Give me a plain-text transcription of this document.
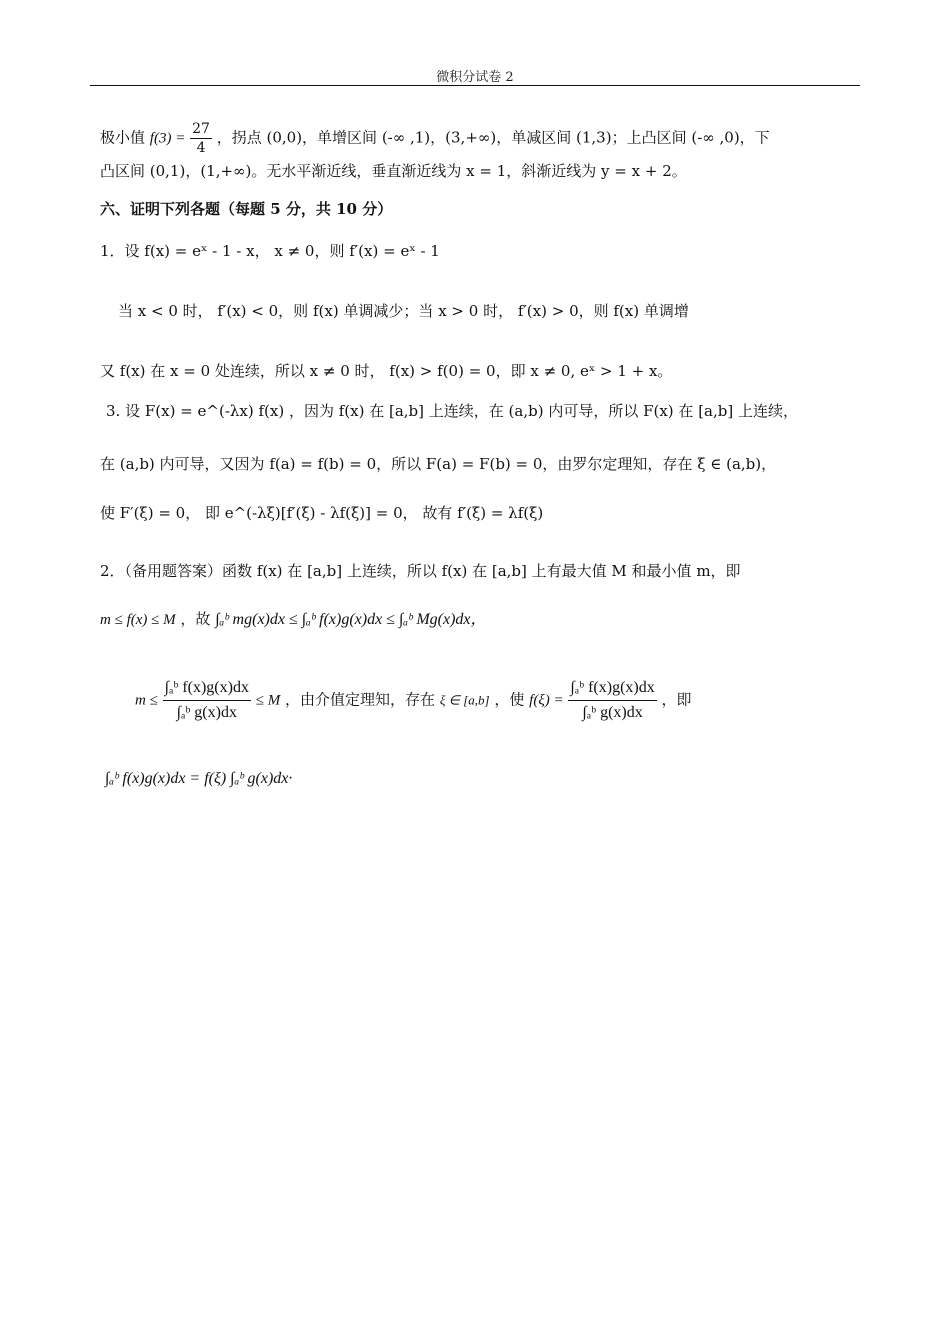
微积分试卷 2
极小值 $f(3) = \frac{27}{4}$ ，拐点 (0,0)，单增区间 (-∞ ,1)，(3,+∞)，单减区间 (1,3)；上凸区间 (-∞ ,0)，下
凸区间 (0,1)，(1,+∞)。无水平渐近线，垂直渐近线为 x = 1，斜渐近线为 y = x + 2。
六、证明下列各题（每题 5 分，共 10 分）
1．设 f(x) = eˣ - 1 - x， x ≠ 0，则 f′(x) = eˣ - 1
当 x < 0 时， f′(x) < 0，则 f(x) 单调减少；当 x > 0 时， f′(x) > 0，则 f(x) 单调增
又 f(x) 在 x = 0 处连续，所以 x ≠ 0 时， f(x) > f(0) = 0，即 x ≠ 0, eˣ > 1 + x。
3. 设 F(x) = e^(-λx) f(x) ，因为 f(x) 在 [a,b] 上连续，在 (a,b) 内可导，所以 F(x) 在 [a,b] 上连续，
在 (a,b) 内可导，又因为 f(a) = f(b) = 0，所以 F(a) = F(b) = 0，由罗尔定理知，存在 ξ ∈ (a,b)，
使 F′(ξ) = 0， 即 e^(-λξ)[f′(ξ) - λf(ξ)] = 0， 故有 f′(ξ) = λf(ξ)
2．（备用题答案）函数 f(x) 在 [a,b] 上连续，所以 f(x) 在 [a,b] 上有最大值 M 和最小值 m，即
m ≤ f(x) ≤ M ，故 ∫ₐᵇ mg(x)dx ≤ ∫ₐᵇ f(x)g(x)dx ≤ ∫ₐᵇ Mg(x)dx，
$m \le \frac{\text{∫ₐᵇ f(x)g(x)dx}}{\text{∫ₐᵇ g(x)dx}} \le M$ ，由介值定理知，存在 ξ ∈ [a,b] ，使 $f(\xi) = \frac{\text{∫ₐᵇ f(x)g(x)dx}}{\text{∫ₐᵇ g(x)dx}}$ ，即
∫ₐᵇ f(x)g(x)dx = f(ξ) ∫ₐᵇ g(x)dx·
